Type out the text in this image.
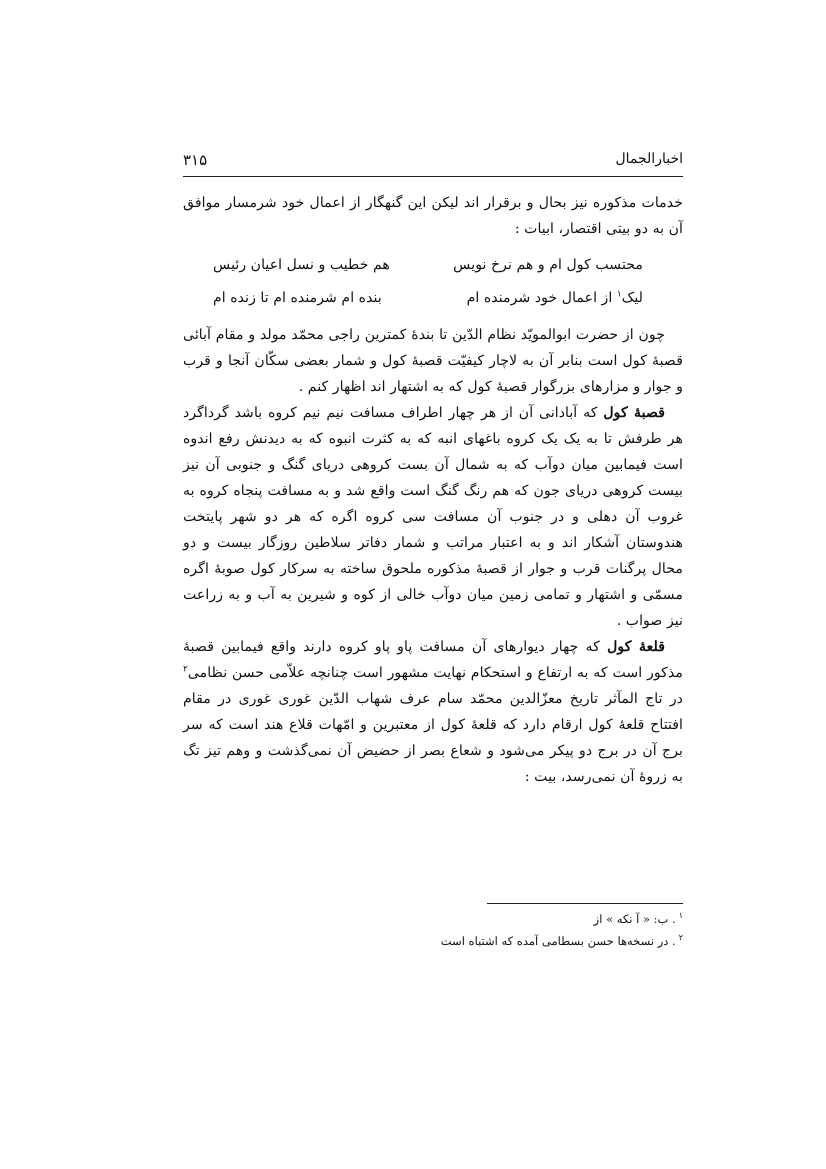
اخبارالجمال
۳۱۵

خدمات مذکوره نیز بحال و برقرار اند لیکن این گنهگار از اعمال خود شرمسار موافق آن به دو بیتی اقتصار، ابیات :

محتسب کول ام و هم نرخ نویس
هم خطیب و نسل اعیان رئیس
لیک$^۱$ از اعمال خود شرمنده ام
بنده ام شرمنده ام تا زنده ام

چون از حضرت ابوالمویّد نظام الدّین تا بندهٔ کمترین راجی محمّد مولد و مقام آبائی قصبهٔ کول است بنابر آن به لاچار کیفیّت قصبهٔ کول و شمار بعضی سکّان آنجا و قرب و جوار و مزارهای بزرگوار قصبهٔ کول که به اشتهار اند اظهار کنم .

قصبهٔ کول که آبادانی آن از هر چهار اطراف مسافت نیم نیم کروه باشد گرداگرد هر طرفش تا به یک یک کروه باغهای انبه که به کثرت انبوه که به دیدنش رفع اندوه است فیمابین میان دوآب که به شمال آن بست کروهی دریای گنگ و جنوبی آن نیز بیست کروهی دریای جون که هم رنگ گنگ است واقع شد و به مسافت پنجاه کروه به غروب آن دهلی و در جنوب آن مسافت سی کروه اگره که هر دو شهر پایتخت هندوستان آشکار اند و به اعتبار مراتب و شمار دفاتر سلاطین روزگار بیست و دو محال پرگنات قرب و جوار از قصبهٔ مذکوره ملحوق ساخته به سرکار کول صوبهٔ اگره مسمّی و اشتهار و تمامی زمین میان دوآب خالی از کوه و شیرین به آب و به زراعت نیز صواب .

قلعهٔ کول که چهار دیوارهای آن مسافت پاو پاو کروه دارند واقع فیمابین قصبهٔ مذکور است که به ارتفاع و استحکام نهایت مشهور است چنانچه علاّمی حسن نظامی$^۲$ در تاج المآثر تاریخ معزّالدین محمّد سام عرف شهاب الدّین غوری غوری در مقام افتتاح قلعهٔ کول ارقام دارد که قلعهٔ کول از معتبرین و امّهات قلاع هند است که سر برج آن در برج دو پیکر می‌شود و شعاع بصر از حضیض آن نمی‌گذشت و وهم تیز تگ به زروهٔ آن نمی‌رسد، بیت :

$^۱$. ب: « آ نکه » از
$^۲$. در نسخه‌ها حسن بسطامی آمده که اشتباه است
